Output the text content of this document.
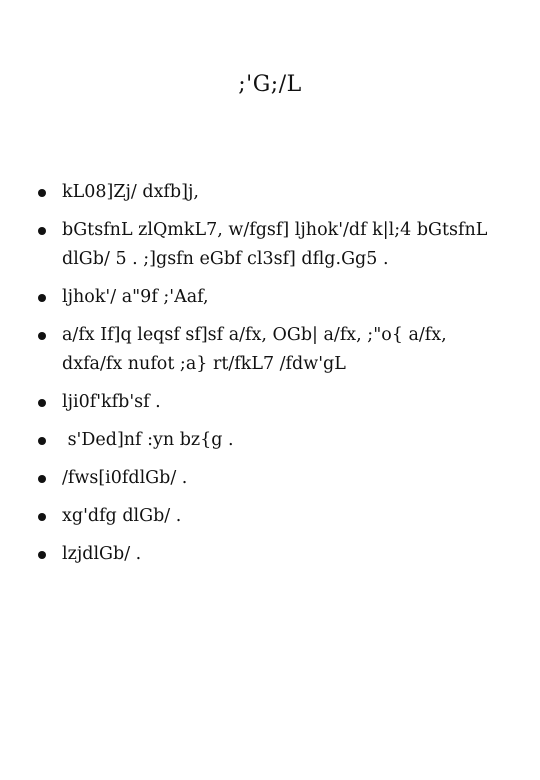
;'G;/L
kL08]Zj/ dxfb]j,
bGtsfnL zlQmkL7, w/fgsf] ljhok'/df k|l;4 bGtsfnL dlGb/ 5 . ;]gsfn eGbf cl3sf] dflg.Gg5 .
ljhok'/ a"9f ;'Aaf,
a/fx If]q leqsf sf]sf a/fx, OGb| a/fx, ;"o{ a/fx, dxfa/fx nufot ;a} rt/fkL7 /fdw'gL
lji0f'kfb'sf .
s'Ded]nf :yn bz{g .
/fws[i0fdlGb/ .
xg'dfg dlGb/ .
lzjdlGb/ .
